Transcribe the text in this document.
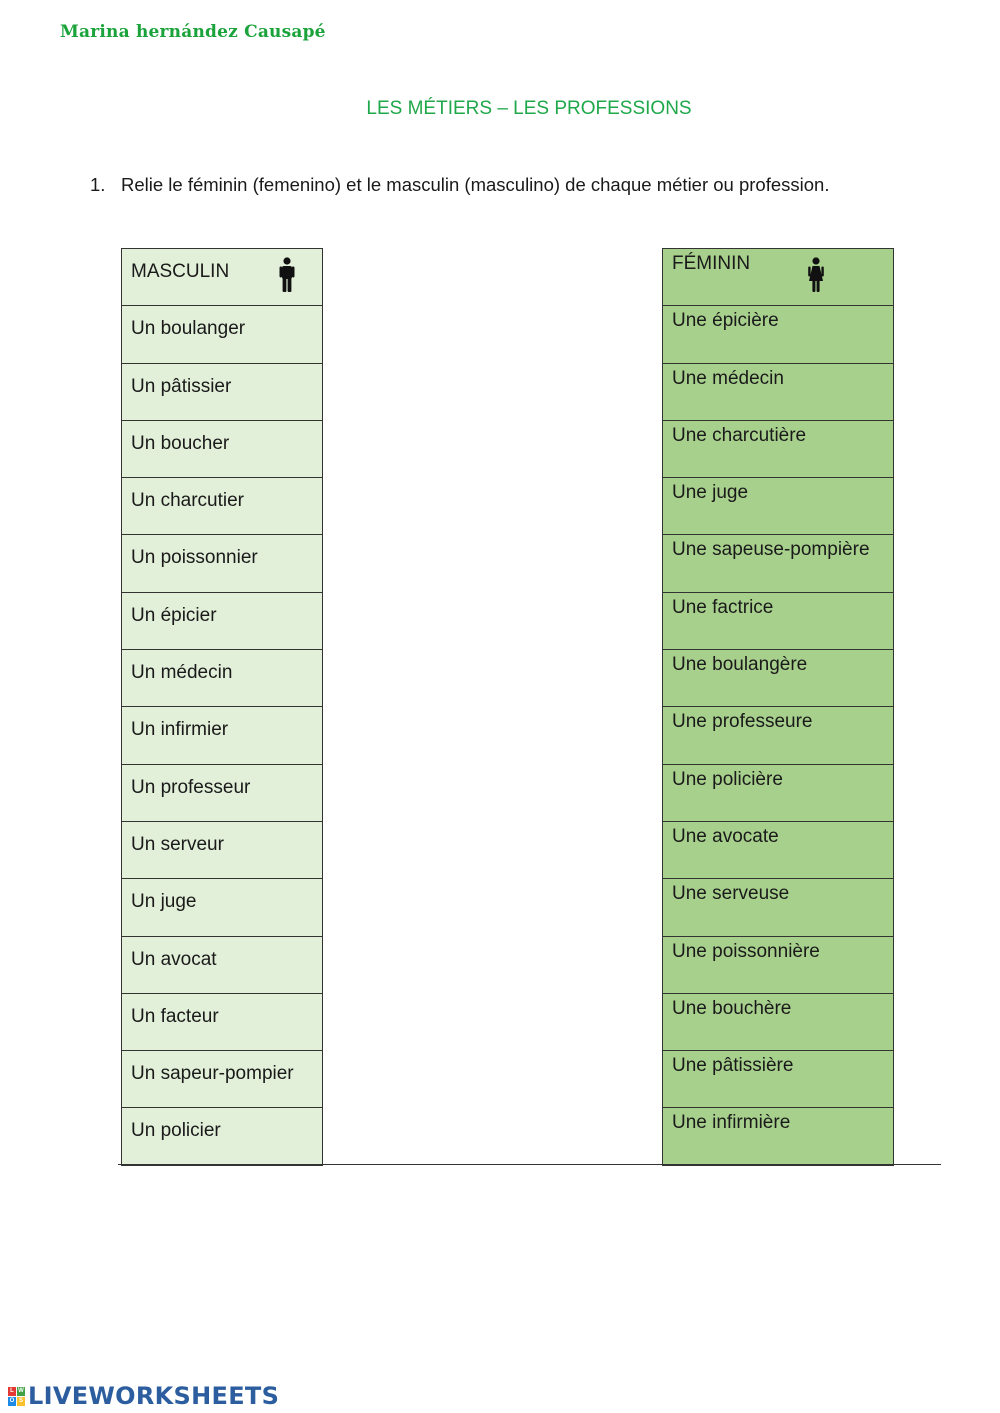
Marina hernández Causapé
LES MÉTIERS – LES PROFESSIONS
1. Relie le féminin (femenino) et le masculin (masculino) de chaque métier ou profession.
MASCULIN
Un boulanger
Un pâtissier
Un boucher
Un charcutier
Un poissonnier
Un épicier
Un médecin
Un infirmier
Un professeur
Un serveur
Un juge
Un avocat
Un facteur
Un sapeur-pompier
Un policier
FÉMININ
Une épicière
Une médecin
Une charcutière
Une juge
Une sapeuse-pompière
Une factrice
Une boulangère
Une professeure
Une policière
Une avocate
Une serveuse
Une poissonnière
Une bouchère
Une pâtissière
Une infirmière
L W
O S LIVEWORKSHEETS
